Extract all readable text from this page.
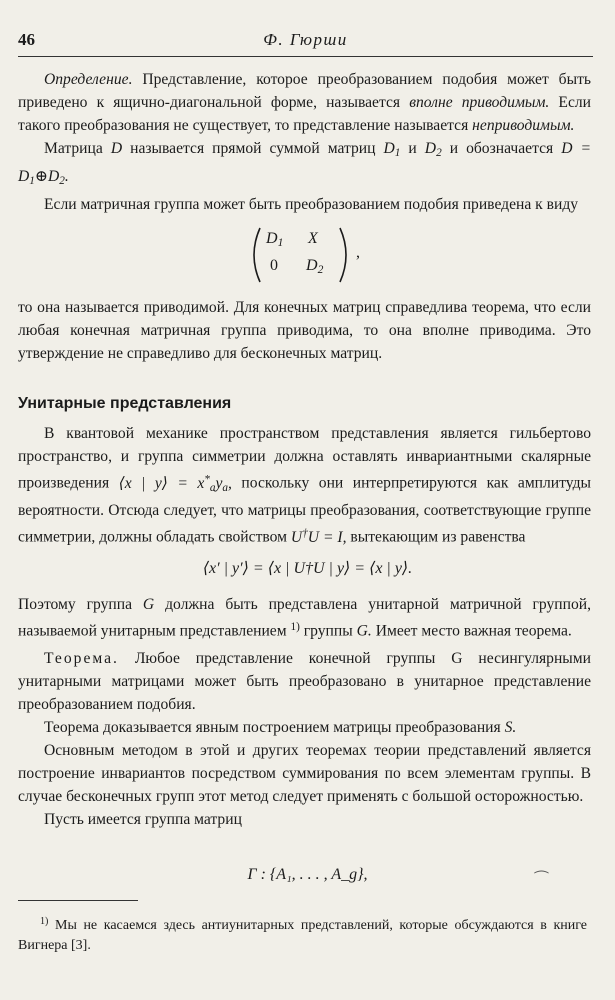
46	Ф. Гюрши

Определение. Представление, которое преобразованием подобия может быть приведено к ящично-диагональной форме, называется вполне приводимым. Если такого преобразования не существует, то представление называется неприводимым.

Матрица D называется прямой суммой матриц $D_1$ и $D_2$ и обозначается $D = D_1\oplus D_2$.

Если матричная группа может быть преобразованием подобия приведена к виду

$D_1$ X
0 $D_2$
,

то она называется приводимой. Для конечных матриц справедлива теорема, что если любая конечная матричная группа приводима, то она вполне приводима. Это утверждение не справедливо для бесконечных матриц.

Унитарные представления

В квантовой механике пространством представления является гильбертово пространство, и группа симметрии должна оставлять инвариантными скалярные произведения ⟨x | y⟩ = $x^*_ay_a$, поскольку они интерпретируются как амплитуды вероятности. Отсюда следует, что матрицы преобразования, соответствующие группе симметрии, должны обладать свойством U†U = I, вытекающим из равенства

⟨x′ | y′⟩ = ⟨x | U†U | y⟩ = ⟨x | y⟩.

Поэтому группа G должна быть представлена унитарной матричной группой, называемой унитарным представлением $^{1)}$ группы G. Имеет место важная теорема.

Теорема. Любое представление конечной группы G несингулярными унитарными матрицами может быть преобразовано в унитарное представление преобразованием подобия.

Теорема доказывается явным построением матрицы преобразования S.

Основным методом в этой и других теоремах теории представлений является построение инвариантов посредством суммирования по всем элементам группы. В случае бесконечных групп этот метод следует применять с большой осторожностью.

Пусть имеется группа матриц

Γ : {A₁, . . . , A_g},	⁀

$^{1)}$ Мы не касаемся здесь антиунитарных представлений, которые обсуждаются в книге Вигнера [3].
